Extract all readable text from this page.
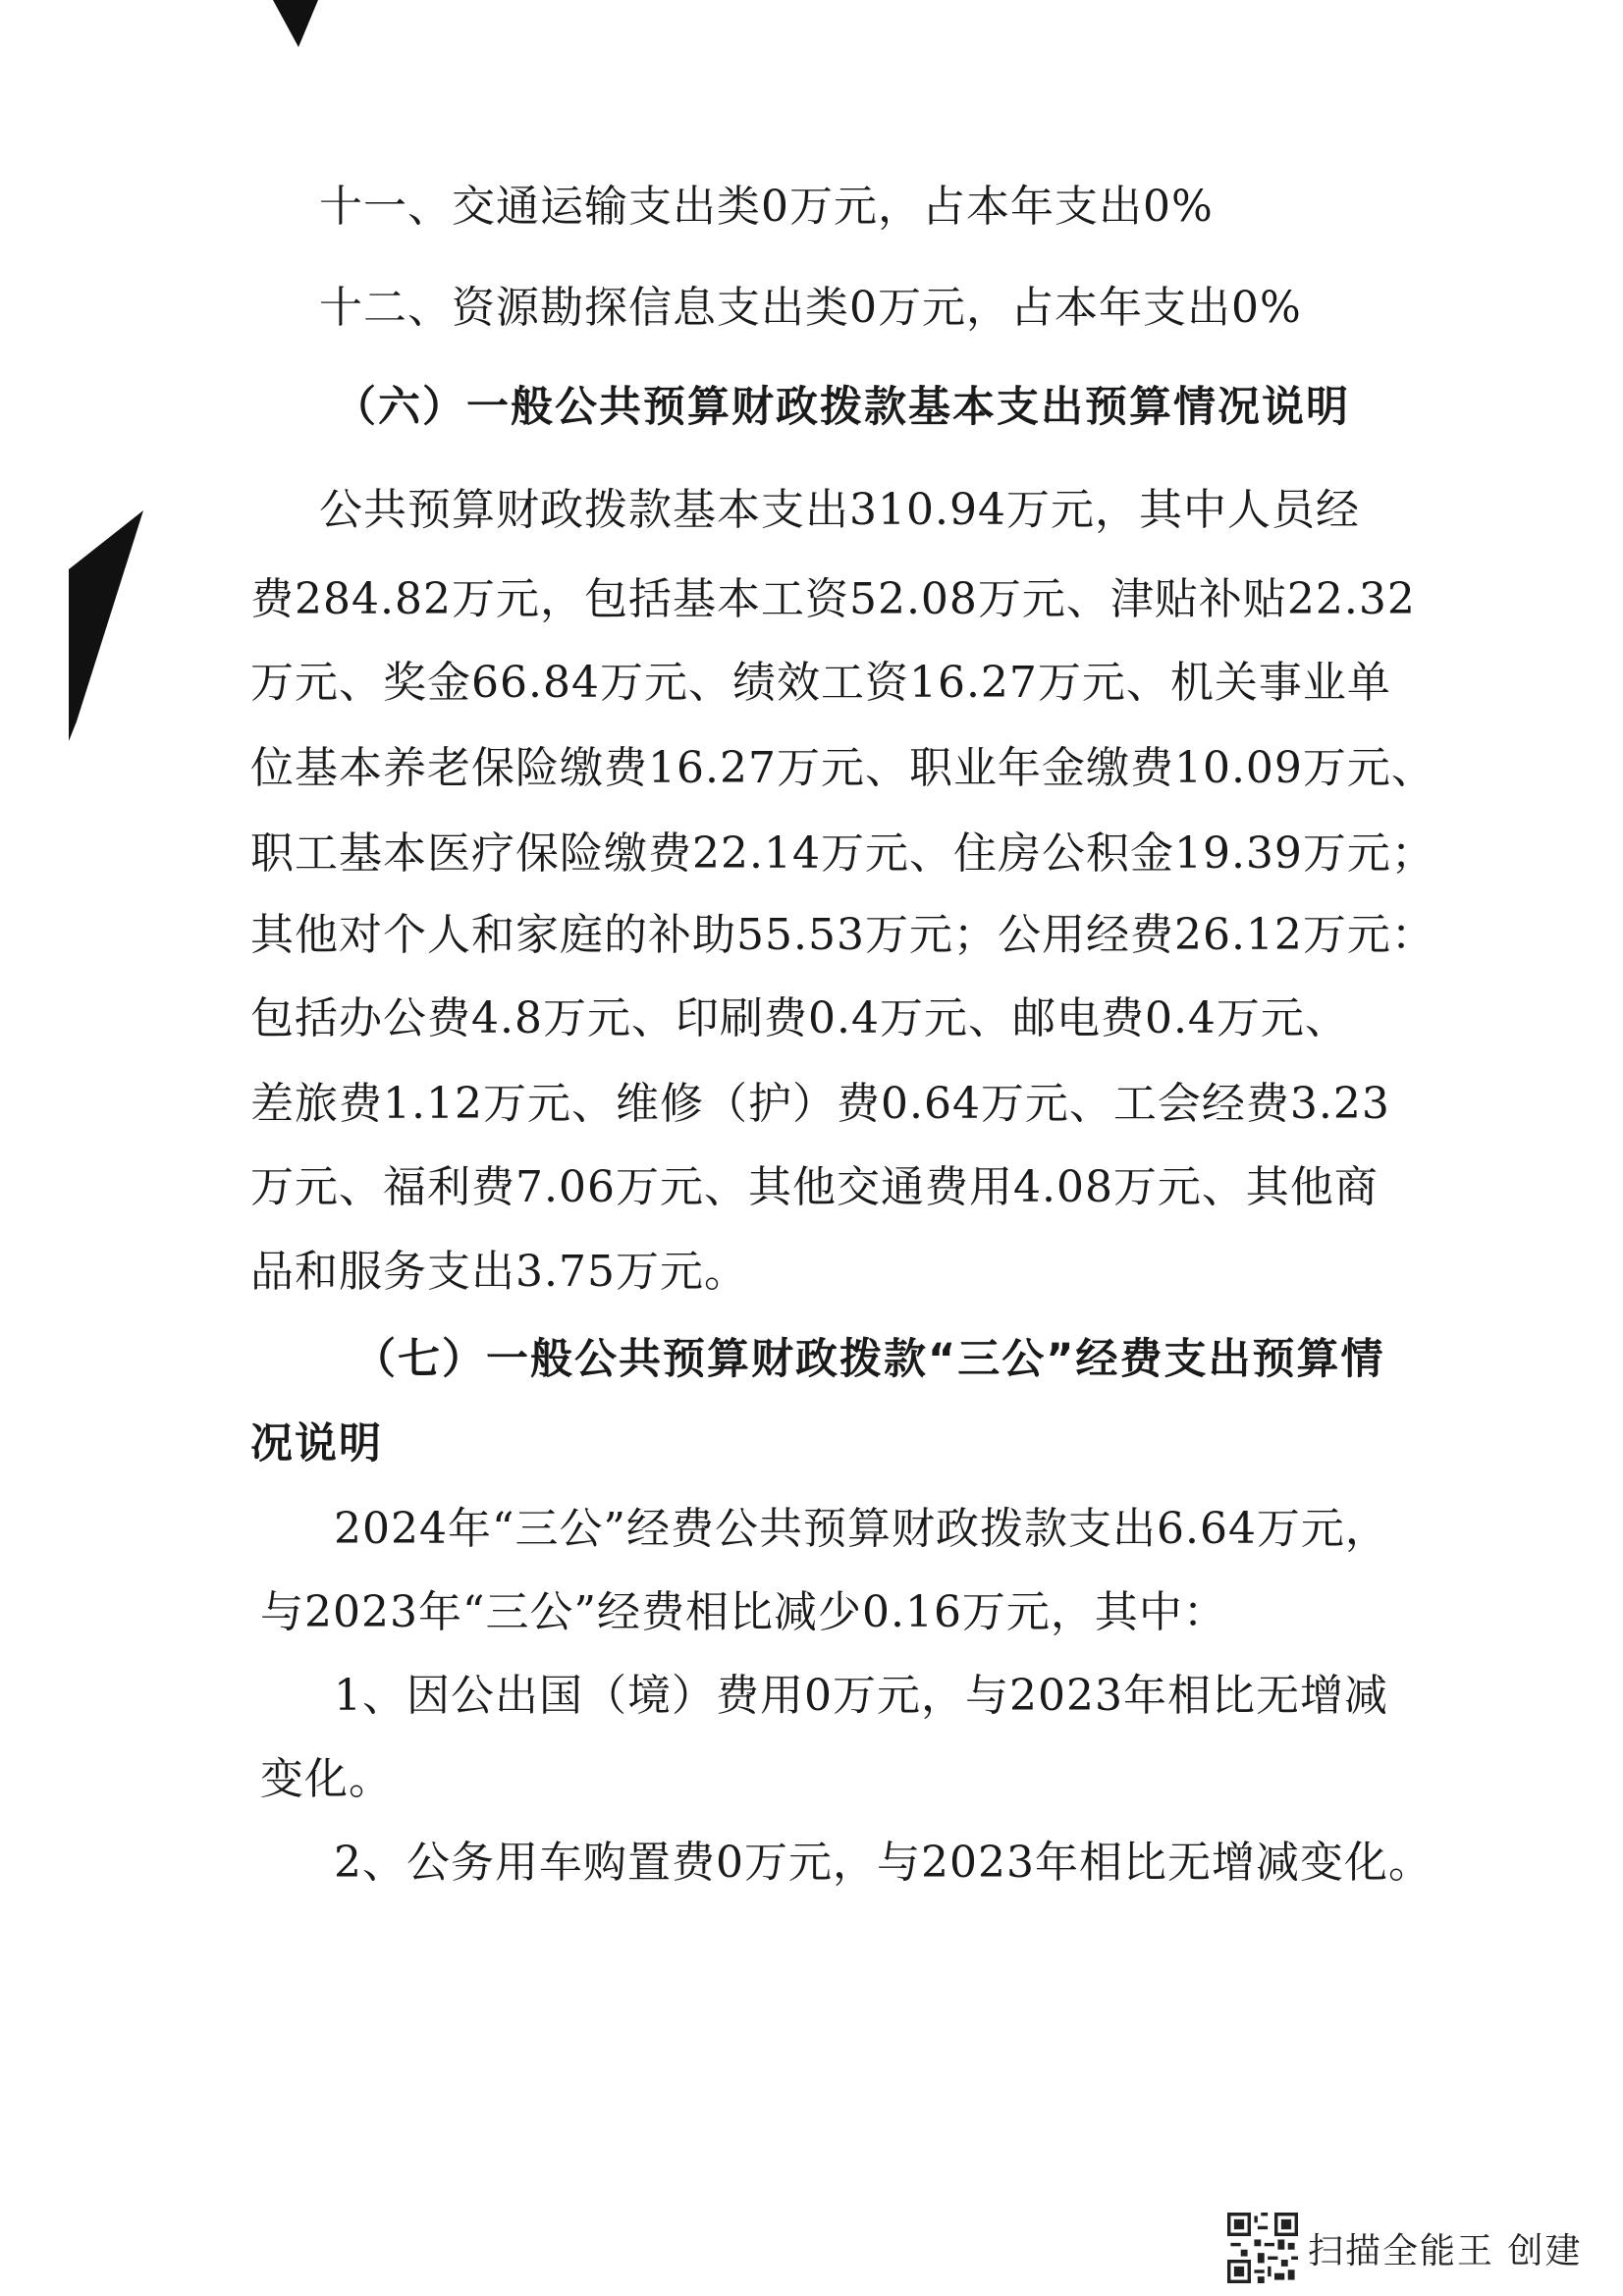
十一、交通运输支出类0万元，占本年支出0%
十二、资源勘探信息支出类0万元，占本年支出0%
（六）一般公共预算财政拨款基本支出预算情况说明
公共预算财政拨款基本支出310.94万元，其中人员经
费284.82万元，包括基本工资52.08万元、津贴补贴22.32
万元、奖金66.84万元、绩效工资16.27万元、机关事业单
位基本养老保险缴费16.27万元、职业年金缴费10.09万元、
职工基本医疗保险缴费22.14万元、住房公积金19.39万元；
其他对个人和家庭的补助55.53万元；公用经费26.12万元：
包括办公费4.8万元、印刷费0.4万元、邮电费0.4万元、
差旅费1.12万元、维修（护）费0.64万元、工会经费3.23
万元、福利费7.06万元、其他交通费用4.08万元、其他商
品和服务支出3.75万元。
（七）一般公共预算财政拨款“三公”经费支出预算情
况说明
2024年“三公”经费公共预算财政拨款支出6.64万元，
与2023年“三公”经费相比减少0.16万元，其中：
1、因公出国（境）费用0万元，与2023年相比无增减
变化。
2、公务用车购置费0万元，与2023年相比无增减变化。
扫描全能王 创建
